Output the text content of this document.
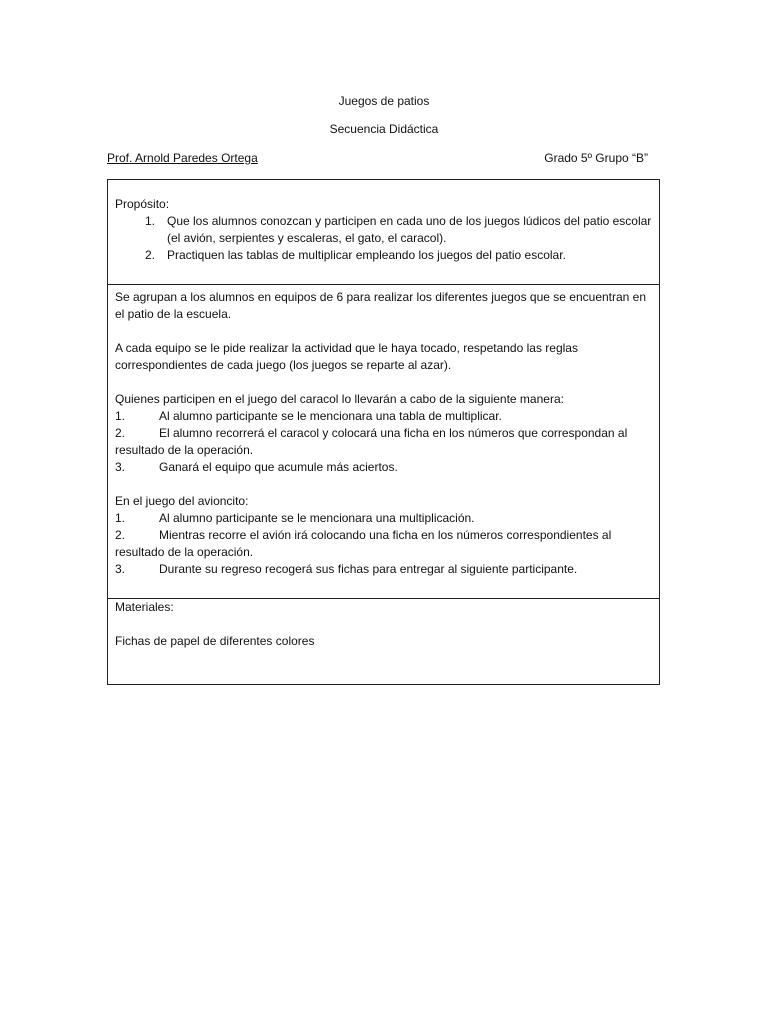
Juegos de patios
Secuencia Didáctica
Prof. Arnold Paredes Ortega	Grado 5º Grupo “B”

Propósito:

1. Que los alumnos conozcan y participen en cada uno de los juegos lúdicos del patio escolar (el avión, serpientes y escaleras, el gato, el caracol).
2. Practiquen las tablas de multiplicar empleando los juegos del patio escolar.

Se agrupan a los alumnos en equipos de 6 para realizar los diferentes juegos que se encuentran en el patio de la escuela.

A cada equipo se le pide realizar la actividad que le haya tocado, respetando las reglas correspondientes de cada juego (los juegos se reparte al azar).

Quienes participen en el juego del caracol lo llevarán a cabo de la siguiente manera:

1.	Al alumno participante se le mencionara una tabla de multiplicar.
2.	El alumno recorrerá el caracol y colocará una ficha en los números que correspondan al resultado de la operación.
3.	Ganará el equipo que acumule más aciertos.

En el juego del avioncito:

1.	Al alumno participante se le mencionara una multiplicación.
2.	Mientras recorre el avión irá colocando una ficha en los números correspondientes al resultado de la operación.
3.	Durante su regreso recogerá sus fichas para entregar al siguiente participante.

Materiales:

Fichas de papel de diferentes colores
